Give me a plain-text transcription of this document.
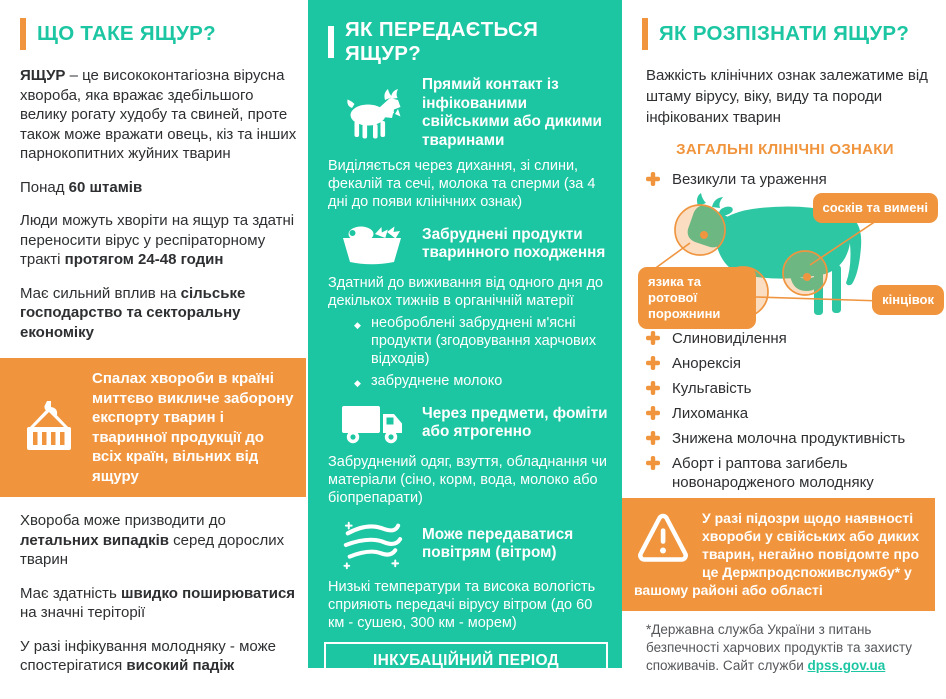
ЩО ТАКЕ ЯЩУР?

ЯЩУР – це висококонтагіозна вірусна хвороба, яка вражає здебільшого велику рогату худобу та свиней, проте також може вражати овець, кіз та інших парнокопитних жуйних тварин

Понад 60 штамів

Люди можуть хворіти на ящур та здатні переносити вірус у респіраторному тракті протягом 24-48 годин

Має сильний вплив на сільське господарство та секторальну економіку

Спалах хвороби в країні миттєво викличе заборону експорту тварин і тваринної продукції до всіх країн, вільних від ящуру

Хвороба може призводити до летальних випадків серед дорослих тварин

Має здатність швидко поширюватися на значні теріторії

У разі інфікування молодняку - може спостерігатися високий падіж

ЯК ПЕРЕДАЄТЬСЯ ЯЩУР?
Прямий контакт із інфікованими свійськими або дикими тваринами
Виділяється через дихання, зі слини, фекалій та сечі, молока та сперми (за 4 дні до появи клінічних ознак)
Забруднені продукти тваринного походження
Здатний до виживання від одного дня до декількох тижнів в органічній матерії
◆ необроблені забруднені м'ясні продукти (згодовування харчових відходів)
◆ забруднене молоко
Через предмети, фоміти або ятрогенно
Забруднений одяг, взуття, обладнання чи матеріали (сіно, корм, вода, молоко або біопрепарати)
Може передаватися повітрям (вітром)
Низькі температури та висока вологість сприяють передачі вірусу вітром (до 60 км - сушею, 300 км - морем)
ІНКУБАЦІЙНИЙ ПЕРІОД
від декількох днів до 2 тижнів
ЯК РОЗПІЗНАТИ ЯЩУР?
Важкість клінічних ознак залежатиме від штаму вірусу, віку, виду та породи інфікованих тварин
ЗАГАЛЬНІ КЛІНІЧНІ ОЗНАКИ
Везикули та ураження
сосків та вимені
язика та ротової порожнини
кінцівок
Слиновиділення
Анорексія
Кульгавість
Лихоманка
Знижена молочна продуктивність
Аборт і раптова загибель новонародженого молодняку
У разі підозри щодо наявності хвороби у свійських або диких тварин, негайно повідомте про це Держпродспоживслужбу* у вашому районі або області
*Державна служба України з питань безпечності харчових продуктів та захисту споживачів. Сайт служби dpss.gov.ua
